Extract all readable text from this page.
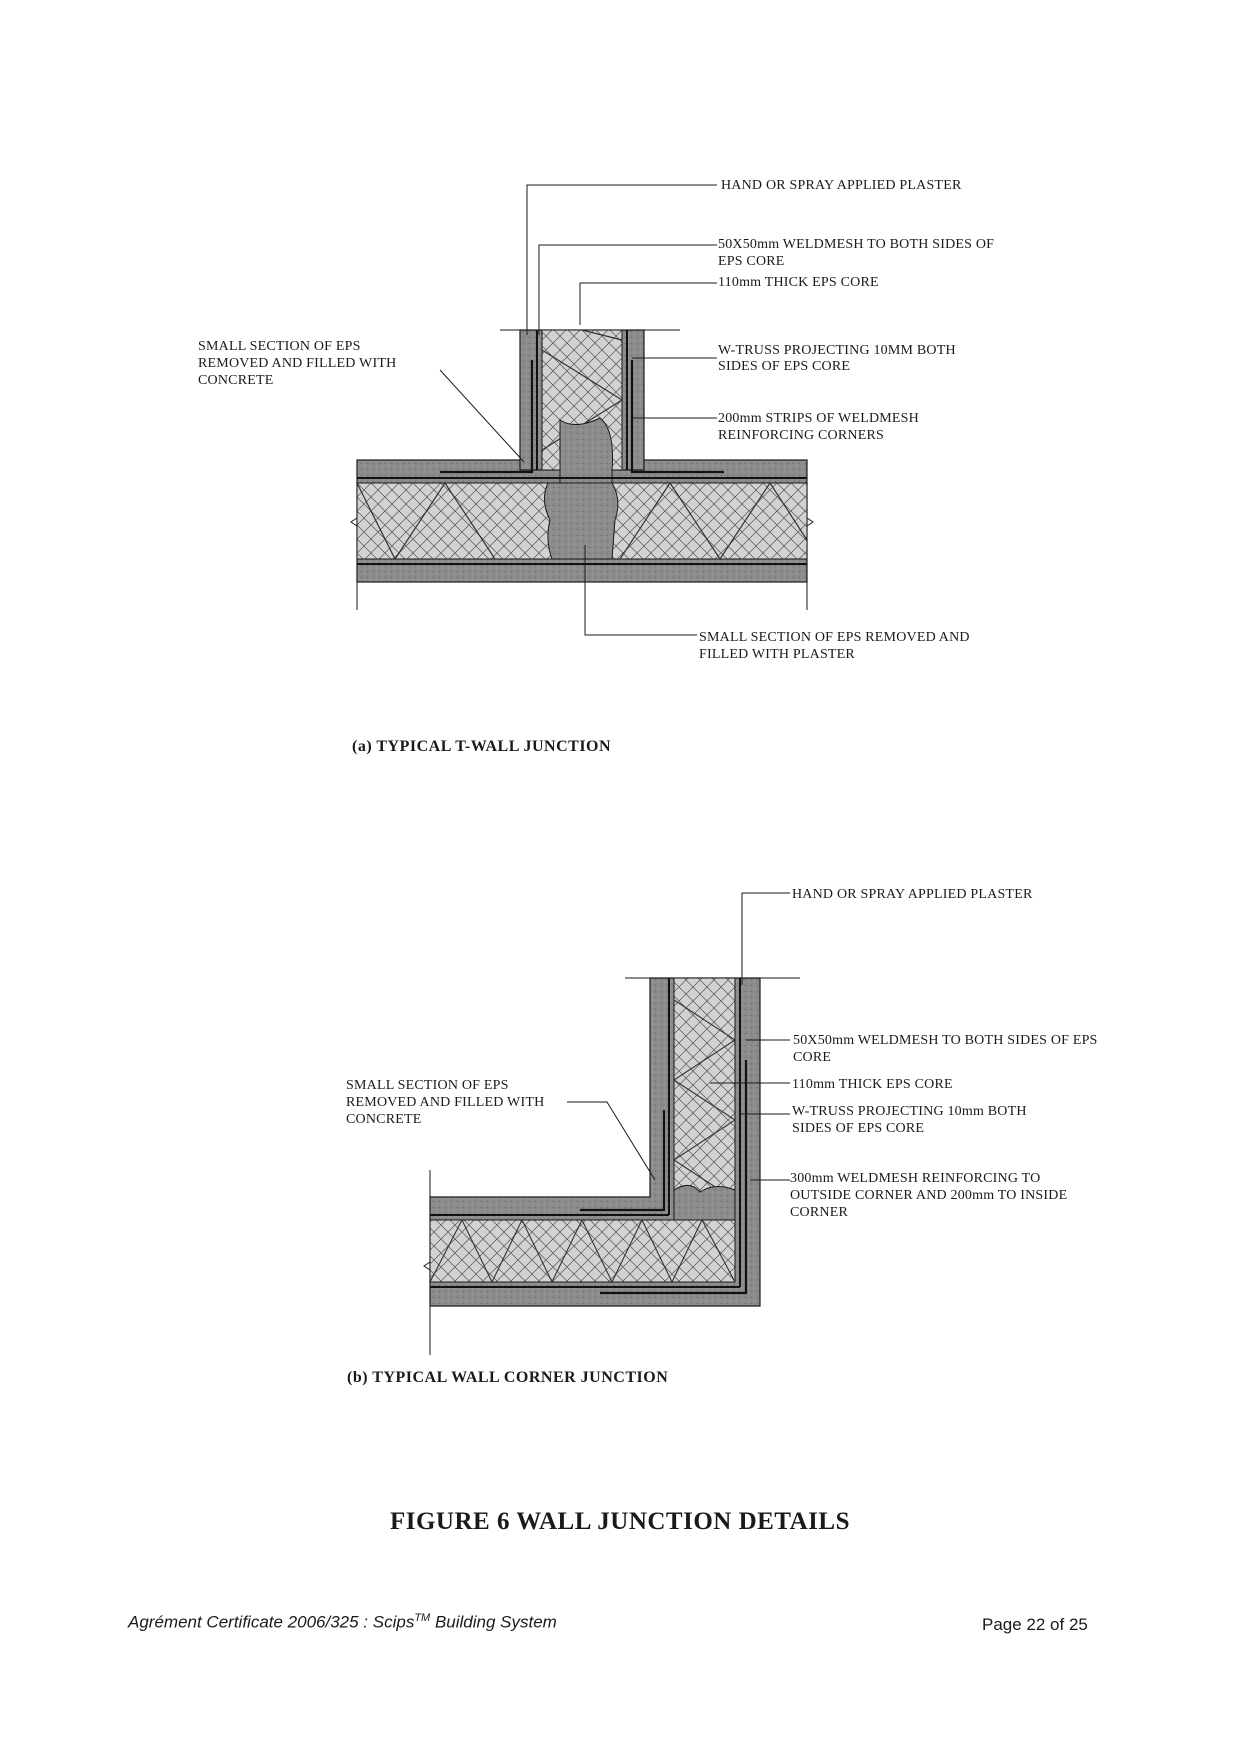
HAND OR SPRAY APPLIED PLASTER
50X50mm WELDMESH TO BOTH SIDES OF
EPS CORE
110mm THICK EPS CORE
W-TRUSS PROJECTING 10MM BOTH
SIDES OF EPS CORE
200mm STRIPS OF WELDMESH
REINFORCING CORNERS
SMALL SECTION OF EPS
REMOVED AND FILLED WITH
CONCRETE
SMALL SECTION OF EPS REMOVED AND
FILLED WITH PLASTER
(a) TYPICAL T-WALL JUNCTION
HAND OR SPRAY APPLIED PLASTER
50X50mm WELDMESH TO BOTH SIDES OF EPS
CORE
110mm THICK EPS CORE
W-TRUSS PROJECTING 10mm BOTH
SIDES OF EPS CORE
300mm WELDMESH REINFORCING TO
OUTSIDE CORNER AND 200mm TO INSIDE
CORNER
SMALL SECTION OF EPS
REMOVED AND FILLED WITH
CONCRETE
(b) TYPICAL WALL CORNER JUNCTION
FIGURE 6 WALL JUNCTION DETAILS
Agrément Certificate 2006/325 : Scips™ Building System	Page 22 of 25
